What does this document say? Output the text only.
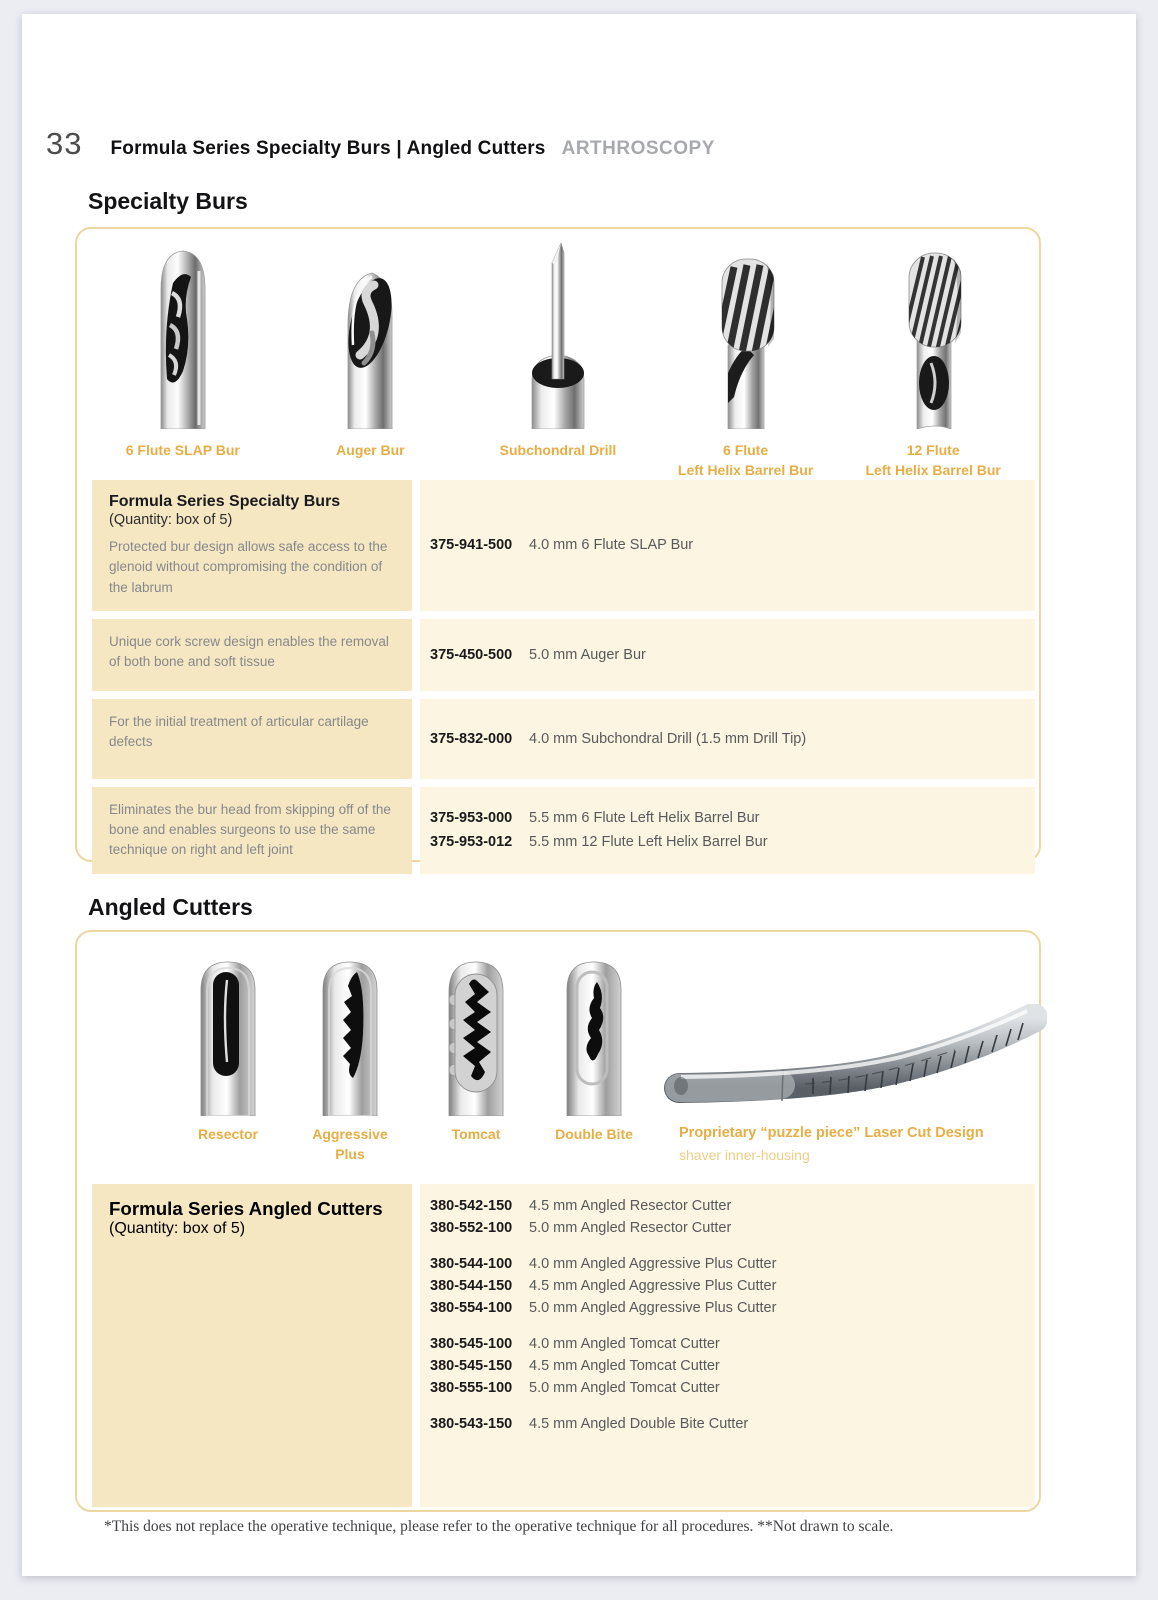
33 Formula Series Specialty Burs | Angled Cutters ARTHROSCOPY
Specialty Burs
6 Flute SLAP Bur	Auger Bur	Subchondral Drill	6 Flute
Left Helix Barrel Bur
12 Flute
Left Helix Barrel Bur
Formula Series Specialty Burs
(Quantity: box of 5)

Protected bur design allows safe access to the glenoid without compromising the condition of the labrum

375-941-500 4.0 mm 6 Flute SLAP Bur

Unique cork screw design enables the removal of both bone and soft tissue	375-450-500 5.0 mm Auger Bur

For the initial treatment of articular cartilage defects	375-832-000 4.0 mm Subchondral Drill (1.5 mm Drill Tip)

Eliminates the bur head from skipping off of the bone and enables surgeons to use the same technique on right and left joint

375-953-000 5.5 mm 6 Flute Left Helix Barrel Bur
375-953-012 5.5 mm 12 Flute Left Helix Barrel Bur
Angled Cutters
Resector	Aggressive
Plus
Tomcat	Double Bite	Proprietary “puzzle piece” Laser Cut Design
shaver inner-housing
Formula Series Angled Cutters
(Quantity: box of 5)
380-542-150 4.5 mm Angled Resector Cutter
380-552-100 5.0 mm Angled Resector Cutter
380-544-100 4.0 mm Angled Aggressive Plus Cutter
380-544-150 4.5 mm Angled Aggressive Plus Cutter
380-554-100 5.0 mm Angled Aggressive Plus Cutter
380-545-100 4.0 mm Angled Tomcat Cutter
380-545-150 4.5 mm Angled Tomcat Cutter
380-555-100 5.0 mm Angled Tomcat Cutter
380-543-150 4.5 mm Angled Double Bite Cutter

*This does not replace the operative technique, please refer to the operative technique for all procedures. **Not drawn to scale.
